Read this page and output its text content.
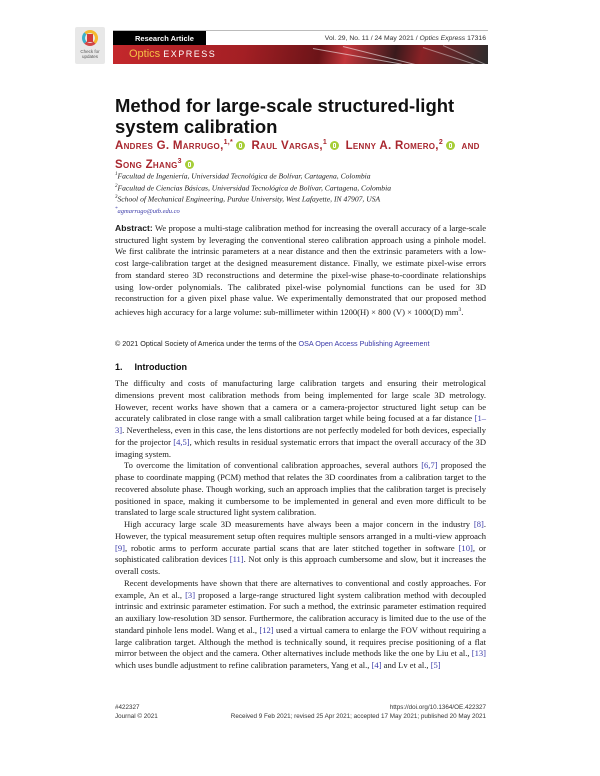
Check for updates
Research Article	Vol. 29, No. 11 / 24 May 2021 / Optics Express 17316
Optics EXPRESS
Method for large-scale structured-light system calibration
Andres G. Marrugo,$^{1,*}$ Raul Vargas,$^1$ Lenny A. Romero,$^2$ and Song Zhang$^3$
$^1$Facultad de Ingeniería, Universidad Tecnológica de Bolívar, Cartagena, Colombia
$^2$Facultad de Ciencias Básicas, Universidad Tecnológica de Bolívar, Cartagena, Colombia
$^3$School of Mechanical Engineering, Purdue University, West Lafayette, IN 47907, USA
*agmarrugo@utb.edu.co
Abstract: We propose a multi-stage calibration method for increasing the overall accuracy of a large-scale structured light system by leveraging the conventional stereo calibration approach using a pinhole model. We first calibrate the intrinsic parameters at a near distance and then the extrinsic parameters with a low-cost large-calibration target at the designed measurement distance. Finally, we estimate pixel-wise errors from standard stereo 3D reconstructions and determine the pixel-wise phase-to-coordinate relationships using low-order polynomials. The calibrated pixel-wise polynomial functions can be used for 3D reconstruction for a given pixel phase value. We experimentally demonstrated that our proposed method achieves high accuracy for a large volume: sub-millimeter within 1200(H) × 800 (V) × 1000(D) $mm^3$.
© 2021 Optical Society of America under the terms of the OSA Open Access Publishing Agreement
1. Introduction

The difficulty and costs of manufacturing large calibration targets and ensuring their metrological dimensions prevent most calibration methods from being implemented for large scale 3D metrology. However, recent works have shown that a camera or a camera-projector structured light setup can be accurately calibrated in close range with a small calibration target while being focused at a far distance [1–3]. Nevertheless, even in this case, the lens distortions are not perfectly modeled for both devices, especially for the projector [4,5], which results in residual systematic errors that impact the overall accuracy of the 3D imaging system.

To overcome the limitation of conventional calibration approaches, several authors [6,7] proposed the phase to coordinate mapping (PCM) method that relates the 3D coordinates from a calibration target to the recovered absolute phase. Though working, such an approach implies that the calibration target is precisely positioned in space, making it cumbersome to be implemented in general and even more difficult to be translated to large scale structured light system calibration.

High accuracy large scale 3D measurements have always been a major concern in the industry [8]. However, the typical measurement setup often requires multiple sensors arranged in a multi-view approach [9], robotic arms to perform accurate partial scans that are later stitched together in software [10], or sophisticated calibration devices [11]. Not only is this approach cumbersome and slow, but it increases the overall costs.

Recent developments have shown that there are alternatives to conventional and costly approaches. For example, An et al., [3] proposed a large-range structured light system calibration method with decoupled intrinsic and extrinsic parameter estimation. For such a method, the extrinsic parameter estimation required an auxiliary low-resolution 3D sensor. Furthermore, the calibration accuracy is limited due to the use of the standard pinhole lens model. Wang et al., [12] used a virtual camera to enlarge the FOV without requiring a large calibration target. Although the method is technically sound, it requires precise positioning of a flat mirror between the object and the camera. Other alternatives include methods like the one by Liu et al., [13] which uses bundle adjustment to refine calibration parameters, Yang et al., [4] and Lv et al., [5]

#422327	https://doi.org/10.1364/OE.422327
Journal © 2021	Received 9 Feb 2021; revised 25 Apr 2021; accepted 17 May 2021; published 20 May 2021
